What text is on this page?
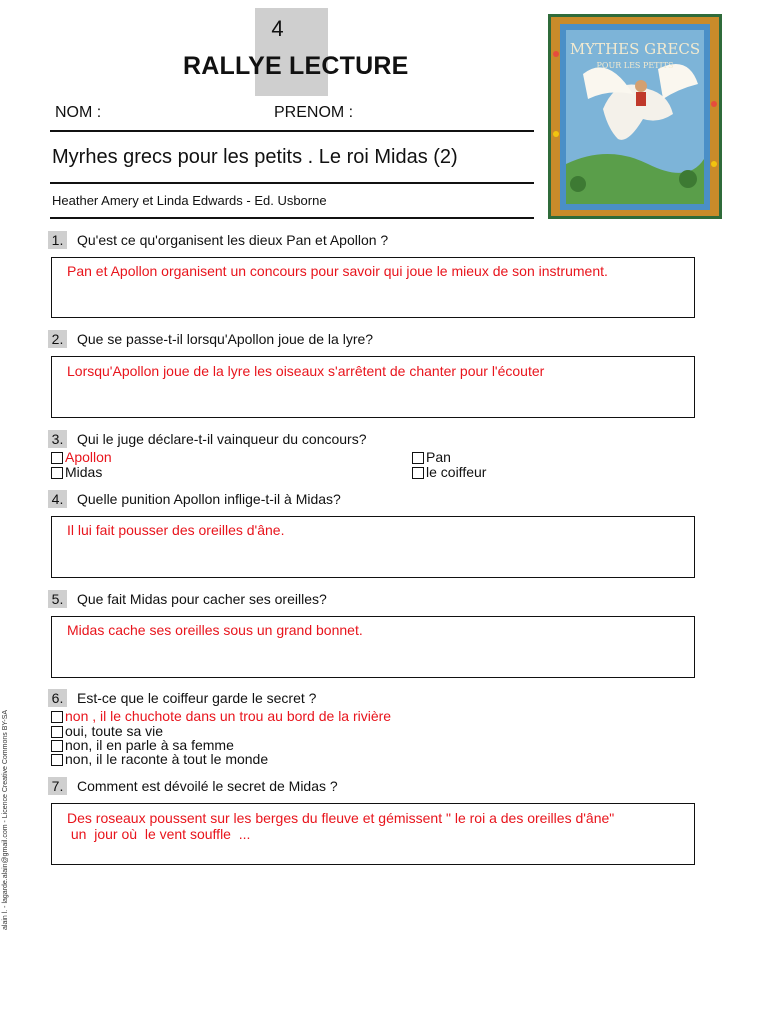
4
RALLYE LECTURE
NOM :	PRENOM :
Myrhes grecs pour les petits . Le roi Midas (2)
Heather Amery et Linda Edwards - Ed. Usborne
MYTHES GRECS
POUR LES PETITS
1. Qu'est ce qu'organisent les dieux Pan et Apollon ?
Pan et Apollon organisent un concours pour savoir qui joue le mieux de son instrument.
2. Que se passe-t-il lorsqu'Apollon joue de la lyre?
Lorsqu'Apollon joue de la lyre les oiseaux s'arrêtent de chanter pour l'écouter
3. Qui le juge déclare-t-il vainqueur du concours?
Apollon	Pan
Midas	le coiffeur
4. Quelle punition Apollon inflige-t-il à Midas?
Il lui fait pousser des oreilles d'âne.
5. Que fait Midas pour cacher ses oreilles?
Midas cache ses oreilles sous un grand bonnet.
6. Est-ce que le coiffeur garde le secret ?
non , il le chuchote dans un trou au bord de la rivière
oui, toute sa vie
non, il en parle à sa femme
non, il le raconte à tout le monde
7. Comment est dévoilé le secret de Midas ?
Des roseaux poussent sur les berges du fleuve et gémissent " le roi a des oreilles d'âne"
un  jour où  le vent souffle  ...
alain l. - lagarde.alain@gmail.com - Licence Creative Commons BY-SA
